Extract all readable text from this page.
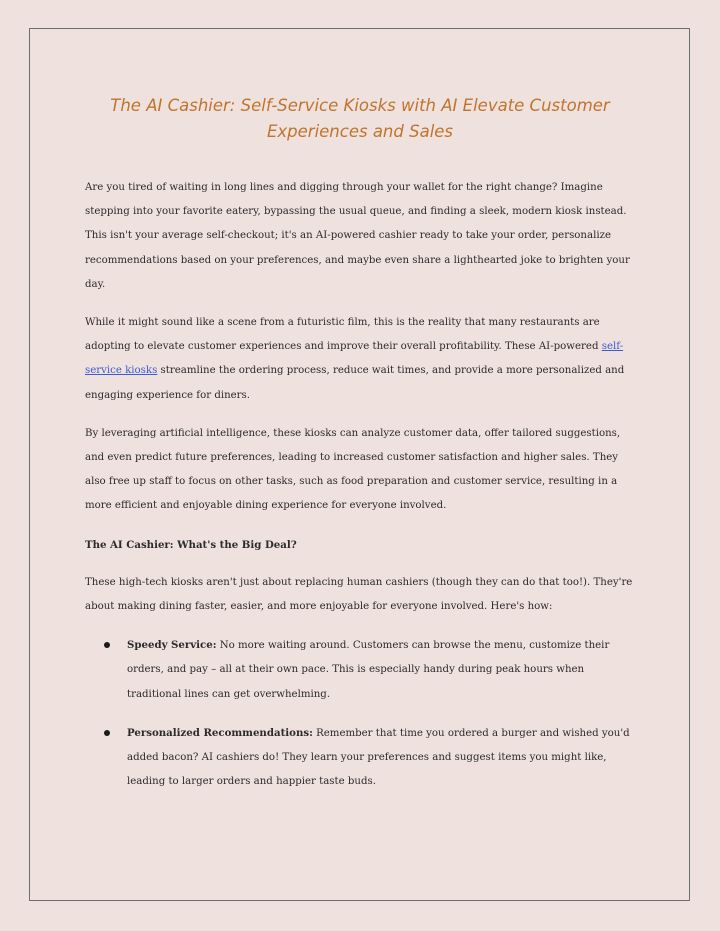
The AI Cashier: Self-Service Kiosks with AI Elevate Customer Experiences and Sales

Are you tired of waiting in long lines and digging through your wallet for the right change? Imagine stepping into your favorite eatery, bypassing the usual queue, and finding a sleek, modern kiosk instead. This isn't your average self-checkout; it's an AI-powered cashier ready to take your order, personalize recommendations based on your preferences, and maybe even share a lighthearted joke to brighten your day.

While it might sound like a scene from a futuristic film, this is the reality that many restaurants are adopting to elevate customer experiences and improve their overall profitability. These AI-powered self-service kiosks streamline the ordering process, reduce wait times, and provide a more personalized and engaging experience for diners.

By leveraging artificial intelligence, these kiosks can analyze customer data, offer tailored suggestions, and even predict future preferences, leading to increased customer satisfaction and higher sales. They also free up staff to focus on other tasks, such as food preparation and customer service, resulting in a more efficient and enjoyable dining experience for everyone involved.

The AI Cashier: What's the Big Deal?

These high-tech kiosks aren't just about replacing human cashiers (though they can do that too!). They're about making dining faster, easier, and more enjoyable for everyone involved. Here's how:

Speedy Service: No more waiting around. Customers can browse the menu, customize their orders, and pay – all at their own pace. This is especially handy during peak hours when traditional lines can get overwhelming.
Personalized Recommendations: Remember that time you ordered a burger and wished you'd added bacon? AI cashiers do! They learn your preferences and suggest items you might like, leading to larger orders and happier taste buds.
